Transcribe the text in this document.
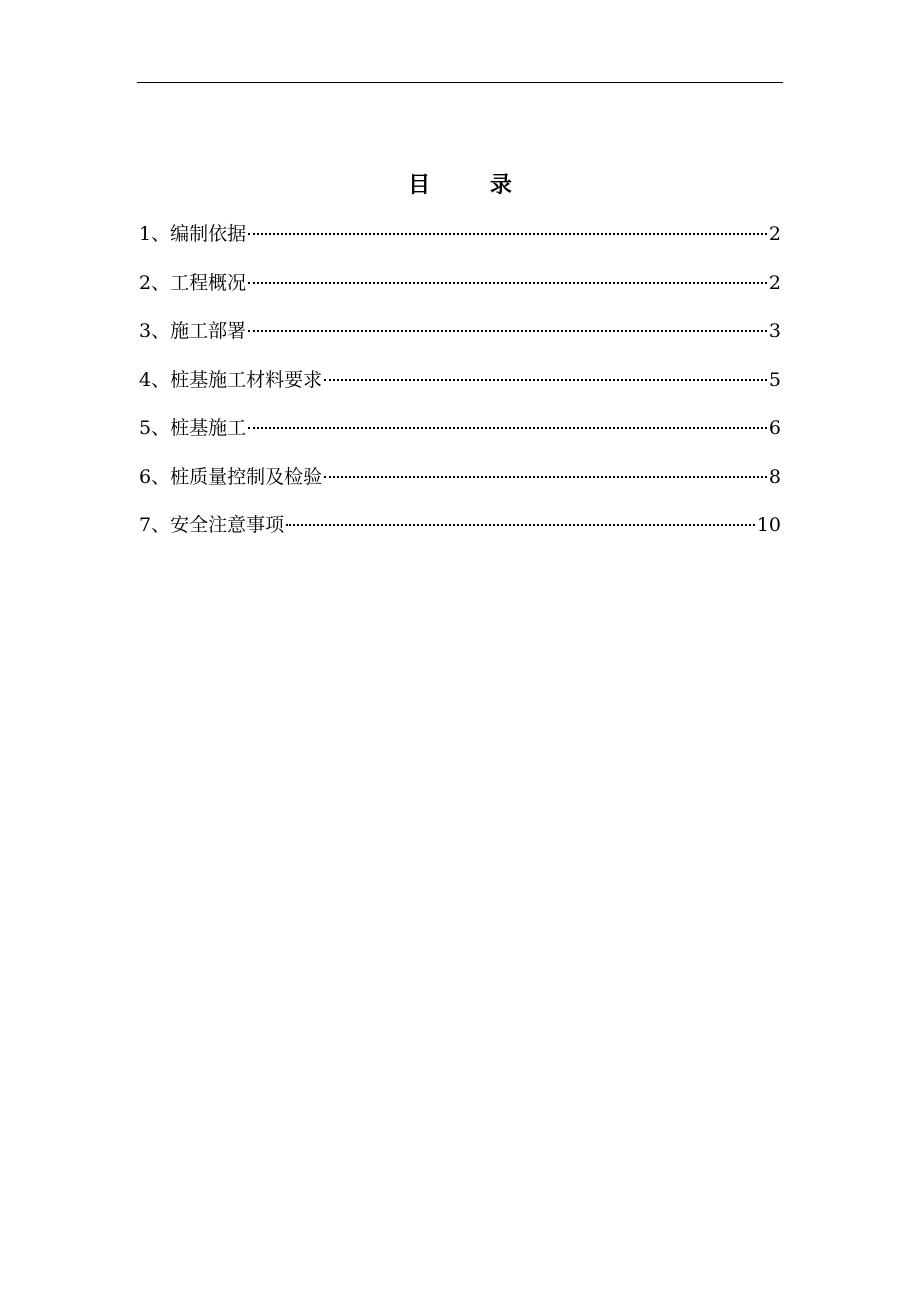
目 录
1、 编制依据	2
2、 工程概况	2
3、 施工部署	3
4、 桩基施工材料要求	5
5、 桩基施工	6
6、 桩质量控制及检验	8
7、 安全注意事项	10
